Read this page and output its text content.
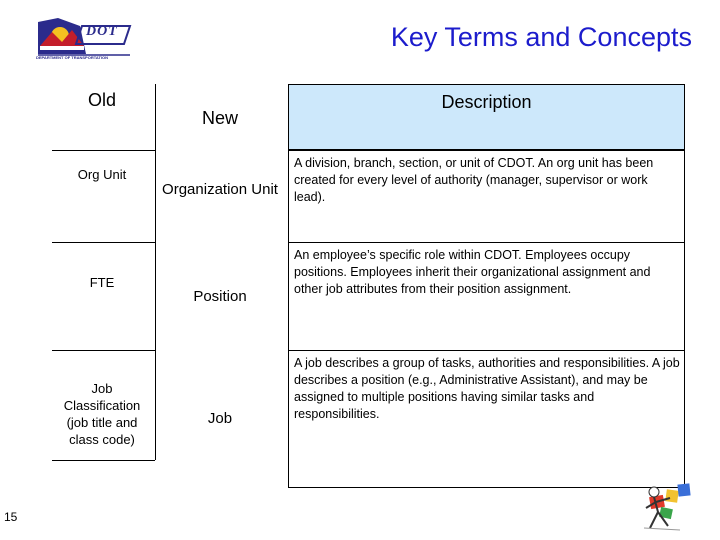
DOT
DEPARTMENT OF TRANSPORTATION
Key Terms and Concepts
Old
New
Org Unit
FTE
Job Classification (job title and class code)
Organization Unit
Position
Job
Description
A division, branch, section, or unit of CDOT. An org unit has been created for every level of authority (manager, supervisor or work lead).
An employee’s specific role within CDOT. Employees occupy positions. Employees inherit their organizational assignment and other job attributes from their position assignment.
A job describes a group of tasks, authorities and responsibilities. A job describes a position (e.g., Administrative Assistant), and may be assigned to multiple positions having similar tasks and responsibilities.
15
